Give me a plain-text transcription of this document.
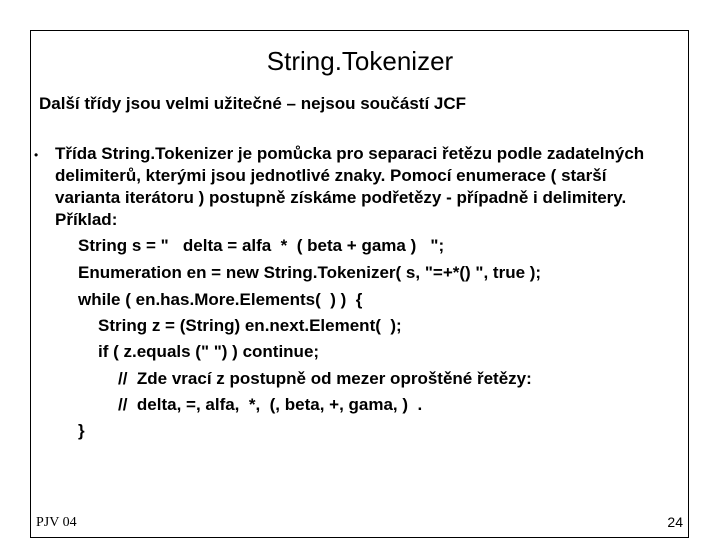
String.Tokenizer
Další třídy jsou velmi užitečné – nejsou součástí JCF
• Třída String.Tokenizer je pomůcka pro separaci řetězu podle zadatelných
delimiterů, kterými jsou jednotlivé znaky. Pomocí enumerace ( starší
varianta iterátoru ) postupně získáme podřetězy - případně i delimitery.
Příklad:
String s = "   delta = alfa  *  ( beta + gama )   ";
Enumeration en = new String.Tokenizer( s, "=+*() ", true );
while ( en.has.More.Elements(  ) )  {
String z = (String) en.next.Element(  );
if ( z.equals (" ") ) continue;
//  Zde vrací z postupně od mezer oproštěné řetězy:
//  delta, =, alfa,  *,  (, beta, +, gama, )  .
}
PJV 04	24
